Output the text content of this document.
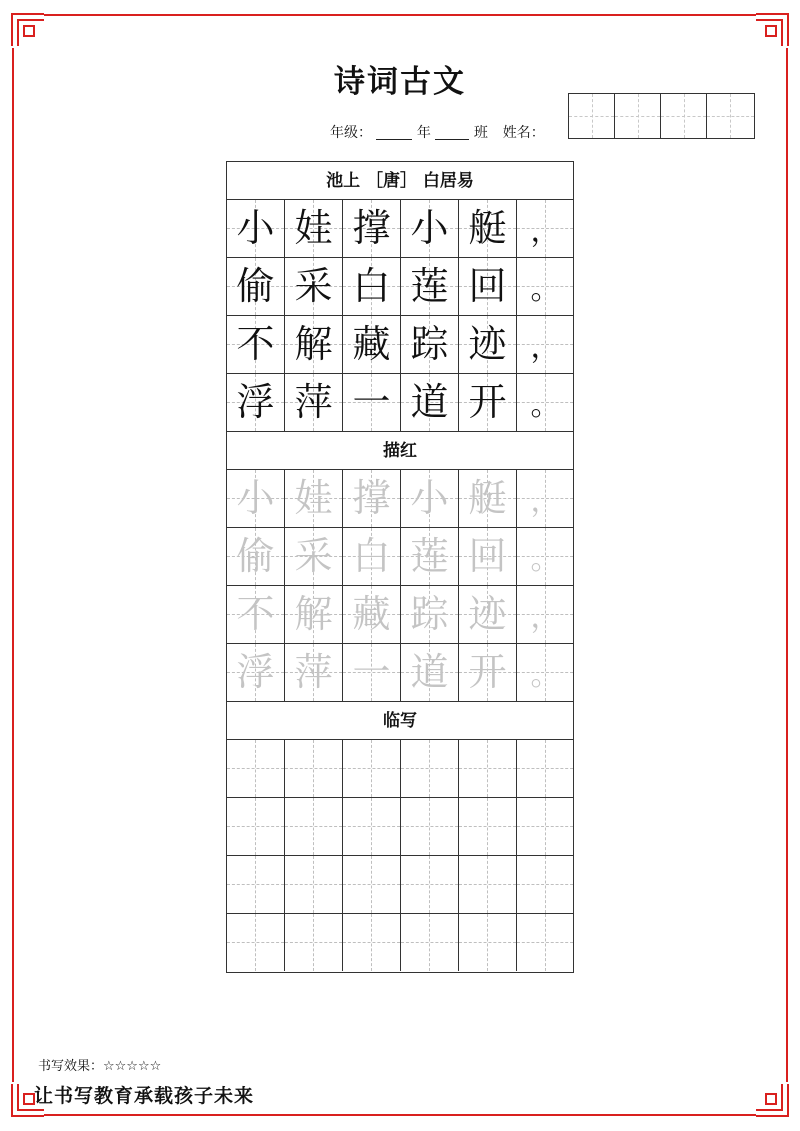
诗词古文
年级：	年	班 姓名：
池上 ［唐］ 白居易
小 娃 撑 小 艇 ，
偷 采 白 莲 回 。
不 解 藏 踪 迹 ，
浮 萍 一 道 开 。
描红
小 娃 撑 小 艇 ，
偷 采 白 莲 回 。
不 解 藏 踪 迹 ，
浮 萍 一 道 开 。
临写
书写效果：☆☆☆☆☆
让书写教育承载孩子未来
